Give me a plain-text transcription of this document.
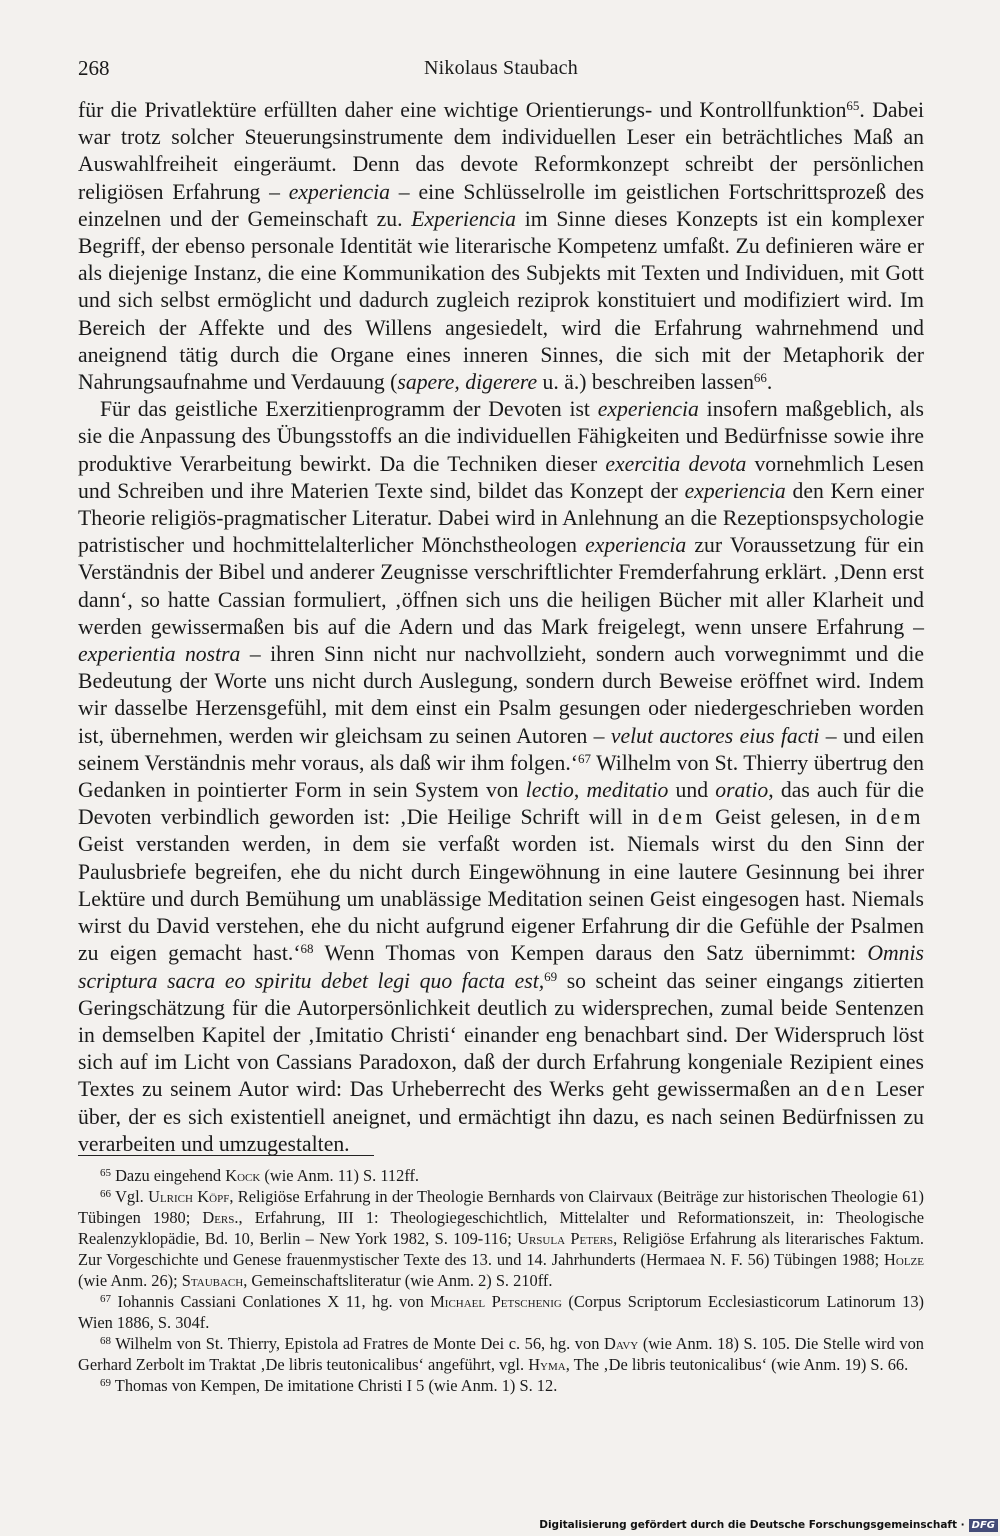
268	Nikolaus Staubach

für die Privatlektüre erfüllten daher eine wichtige Orientierungs- und Kontrollfunktion$^{65}$. Dabei war trotz solcher Steuerungsinstrumente dem individuellen Leser ein beträchtliches Maß an Auswahlfreiheit eingeräumt. Denn das devote Reformkonzept schreibt der persönlichen religiösen Erfahrung – experiencia – eine Schlüsselrolle im geistlichen Fortschrittsprozeß des einzelnen und der Gemeinschaft zu. Experiencia im Sinne dieses Konzepts ist ein komplexer Begriff, der ebenso personale Identität wie literarische Kompetenz umfaßt. Zu definieren wäre er als diejenige Instanz, die eine Kommunikation des Subjekts mit Texten und Individuen, mit Gott und sich selbst ermöglicht und dadurch zugleich reziprok konstituiert und modifiziert wird. Im Bereich der Affekte und des Willens angesiedelt, wird die Erfahrung wahrnehmend und aneignend tätig durch die Organe eines inneren Sinnes, die sich mit der Metaphorik der Nahrungsaufnahme und Verdauung (sapere, digerere u. ä.) beschreiben lassen$^{66}$.

Für das geistliche Exerzitienprogramm der Devoten ist experiencia insofern maßgeblich, als sie die Anpassung des Übungsstoffs an die individuellen Fähigkeiten und Bedürfnisse sowie ihre produktive Verarbeitung bewirkt. Da die Techniken dieser exercitia devota vornehmlich Lesen und Schreiben und ihre Materien Texte sind, bildet das Konzept der experiencia den Kern einer Theorie religiös-pragmatischer Literatur. Dabei wird in Anlehnung an die Rezeptionspsychologie patristischer und hochmittelalterlicher Mönchstheologen experiencia zur Voraussetzung für ein Verständnis der Bibel und anderer Zeugnisse verschriftlichter Fremderfahrung erklärt. ‚Denn erst dann‘, so hatte Cassian formuliert, ‚öffnen sich uns die heiligen Bücher mit aller Klarheit und werden gewissermaßen bis auf die Adern und das Mark freigelegt, wenn unsere Erfahrung – experientia nostra – ihren Sinn nicht nur nachvollzieht, sondern auch vorwegnimmt und die Bedeutung der Worte uns nicht durch Auslegung, sondern durch Beweise eröffnet wird. Indem wir dasselbe Herzensgefühl, mit dem einst ein Psalm gesungen oder niedergeschrieben worden ist, übernehmen, werden wir gleichsam zu seinen Autoren – velut auctores eius facti – und eilen seinem Verständnis mehr voraus, als daß wir ihm folgen.‘$^{67}$ Wilhelm von St. Thierry übertrug den Gedanken in pointierter Form in sein System von lectio, meditatio und oratio, das auch für die Devoten verbindlich geworden ist: ‚Die Heilige Schrift will in dem Geist gelesen, in dem Geist verstanden werden, in dem sie verfaßt worden ist. Niemals wirst du den Sinn der Paulusbriefe begreifen, ehe du nicht durch Eingewöhnung in eine lautere Gesinnung bei ihrer Lektüre und durch Bemühung um unablässige Meditation seinen Geist eingesogen hast. Niemals wirst du David verstehen, ehe du nicht aufgrund eigener Erfahrung dir die Gefühle der Psalmen zu eigen gemacht hast.‘$^{68}$ Wenn Thomas von Kempen daraus den Satz übernimmt: Omnis scriptura sacra eo spiritu debet legi quo facta est,$^{69}$ so scheint das seiner eingangs zitierten Geringschätzung für die Autorpersönlichkeit deutlich zu widersprechen, zumal beide Sentenzen in demselben Kapitel der ‚Imitatio Christi‘ einander eng benachbart sind. Der Widerspruch löst sich auf im Licht von Cassians Paradoxon, daß der durch Erfahrung kongeniale Rezipient eines Textes zu seinem Autor wird: Das Urheberrecht des Werks geht gewissermaßen an den Leser über, der es sich existentiell aneignet, und ermächtigt ihn dazu, es nach seinen Bedürfnissen zu verarbeiten und umzugestalten.

$^{65}$ Dazu eingehend Kock (wie Anm. 11) S. 112ff.

$^{66}$ Vgl. Ulrich Köpf, Religiöse Erfahrung in der Theologie Bernhards von Clairvaux (Beiträge zur historischen Theologie 61) Tübingen 1980; Ders., Erfahrung, III 1: Theologiegeschichtlich, Mittelalter und Reformationszeit, in: Theologische Realenzyklopädie, Bd. 10, Berlin – New York 1982, S. 109-116; Ursula Peters, Religiöse Erfahrung als literarisches Faktum. Zur Vorgeschichte und Genese frauenmystischer Texte des 13. und 14. Jahrhunderts (Hermaea N. F. 56) Tübingen 1988; Holze (wie Anm. 26); Staubach, Gemeinschaftsliteratur (wie Anm. 2) S. 210ff.

$^{67}$ Iohannis Cassiani Conlationes X 11, hg. von Michael Petschenig (Corpus Scriptorum Ecclesiasticorum Latinorum 13) Wien 1886, S. 304f.

$^{68}$ Wilhelm von St. Thierry, Epistola ad Fratres de Monte Dei c. 56, hg. von Davy (wie Anm. 18) S. 105. Die Stelle wird von Gerhard Zerbolt im Traktat ‚De libris teutonicalibus‘ angeführt, vgl. Hyma, The ‚De libris teutonicalibus‘ (wie Anm. 19) S. 66.

$^{69}$ Thomas von Kempen, De imitatione Christi I 5 (wie Anm. 1) S. 12.

Digitalisierung gefördert durch die Deutsche Forschungsgemeinschaft · DFG
